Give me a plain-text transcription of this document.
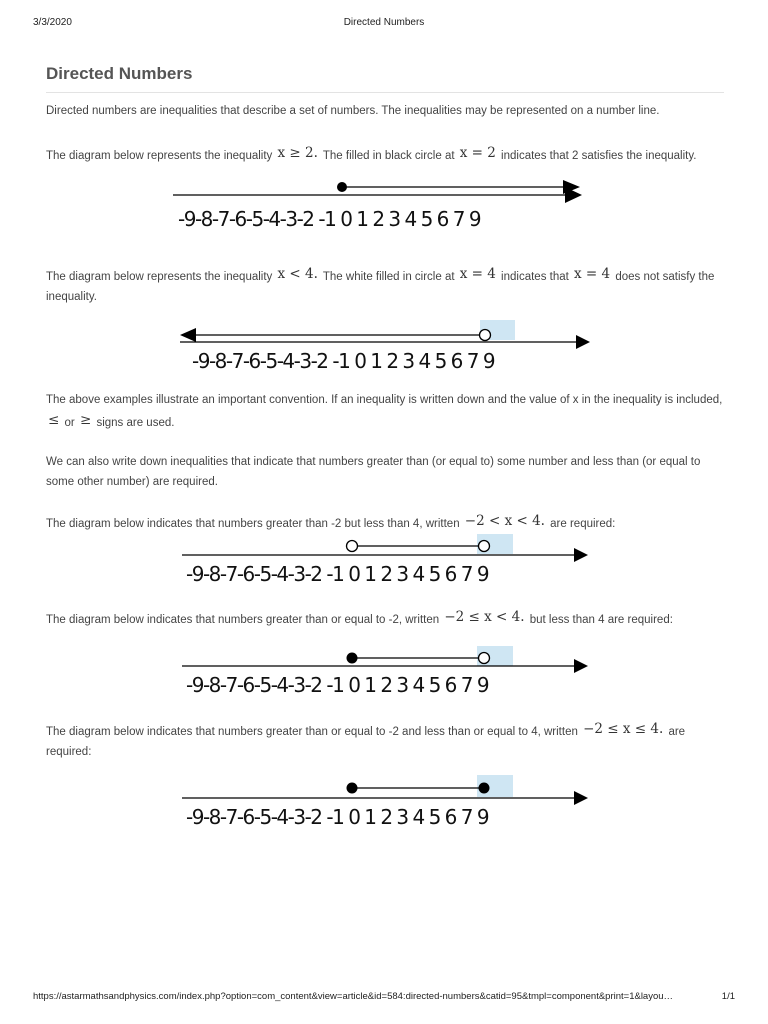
3/3/2020	Directed Numbers
Directed Numbers

Directed numbers are inequalities that describe a set of numbers. The inequalities may be represented on a number line.

The diagram below represents the inequality x ≥ 2. The filled in black circle at x = 2 indicates that 2 satisfies the inequality.

-9-8-7-6-5-4-3-2 -1 0 1 2 3 4 5 6 7 9

The diagram below represents the inequality x < 4. The white filled in circle at x = 4 indicates that x = 4 does not satisfy the inequality.

-9-8-7-6-5-4-3-2 -1 0 1 2 3 4 5 6 7 9

The above examples illustrate an important convention. If an inequality is written down and the value of x in the inequality is included, ≤ or ≥ signs are used.

We can also write down inequalities that indicate that numbers greater than (or equal to) some number and less than (or equal to some other number) are required.

The diagram below indicates that numbers greater than -2 but less than 4, written −2 < x < 4. are required:

-9-8-7-6-5-4-3-2 -1 0 1 2 3 4 5 6 7 9

The diagram below indicates that numbers greater than or equal to -2, written −2 ≤ x < 4. but less than 4 are required:

-9-8-7-6-5-4-3-2 -1 0 1 2 3 4 5 6 7 9

The diagram below indicates that numbers greater than or equal to -2 and less than or equal to 4, written −2 ≤ x ≤ 4. are required:

-9-8-7-6-5-4-3-2 -1 0 1 2 3 4 5 6 7 9
https://astarmathsandphysics.com/index.php?option=com_content&view=article&id=584:directed-numbers&catid=95&tmpl=component&print=1&layou…	1/1
